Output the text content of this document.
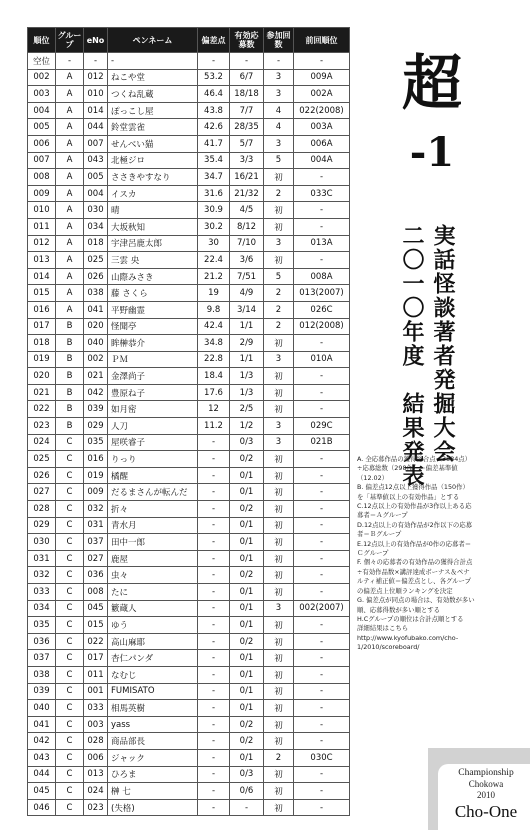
順位	グループ	eNo	ペンネーム	偏差点	有効応募数	参加回数	前回順位
空位	-	-	-	-	-	-	-
002	A	012	ねこや堂	53.2	6/7	3	009A
003	A	010	つくね乱蔵	46.4	18/18	3	002A
004	A	014	ぽっこし屋	43.8	7/7	4	022(2008)
005	A	044	鈴堂雲雀	42.6	28/35	4	003A
006	A	007	せんべい猫	41.7	5/7	3	006A
007	A	043	北極ジロ	35.4	3/3	5	004A
008	A	005	ささきやすなり	34.7	16/21	初	-
009	A	004	イスカ	31.6	21/32	2	033C
010	A	030	晴	30.9	4/5	初	-
011	A	034	大坂秋知	30.2	8/12	初	-
012	A	018	宇津呂鹿太郎	30	7/10	3	013A
013	A	025	三雲 央	22.4	3/6	初	-
014	A	026	山際みさき	21.2	7/51	5	008A
015	A	038	藤 さくら	19	4/9	2	013(2007)
016	A	041	平野幽霊	9.8	3/14	2	026C
017	B	020	怪聞亭	42.4	1/1	2	012(2008)
018	B	040	眸榊恭介	34.8	2/9	初	-
019	B	002	ＰＭ	22.8	1/1	3	010A
020	B	021	金澤尚子	18.4	1/3	初	-
021	B	042	豊原ね子	17.6	1/3	初	-
022	B	039	如月密	12	2/5	初	-
023	B	029	人刀	11.2	1/2	3	029C
024	C	035	屋咲睿子	-	0/3	3	021B
025	C	016	りっり	-	0/2	初	-
026	C	019	橘醒	-	0/1	初	-
027	C	009	だるまさんが転んだ	-	0/1	初	-
028	C	032	折々	-	0/2	初	-
029	C	031	青水月	-	0/1	初	-
030	C	037	田中一郎	-	0/1	初	-
031	C	027	鹿屋	-	0/1	初	-
032	C	036	虫々	-	0/2	初	-
033	C	008	たに	-	0/1	初	-
034	C	045	籔蔵人	-	0/1	3	002(2007)
035	C	015	ゆう	-	0/1	初	-
036	C	022	高山麻耶	-	0/2	初	-
037	C	017	杏仁パンダ	-	0/1	初	-
038	C	011	なむじ	-	0/1	初	-
039	C	001	FUMISATO	-	0/1	初	-
040	C	033	相馬英樹	-	0/1	初	-
041	C	003	yass	-	0/2	初	-
042	C	028	商品部長	-	0/2	初	-
043	C	006	ジャック	-	0/1	2	030C
044	C	013	ひろま	-	0/3	初	-
045	C	024	榊 七	-	0/6	初	-
046	C	023	(失格)	-	-	初	-
超
-1
実話怪談著者発掘大会
二〇一〇年度　結果発表

A. 全応募作品の獲得総合点（3584点）÷応募総数（298作）＝偏差基準値（12.02）

B. 偏差点12点以上獲得作品（150作）を「基準値以上の有効作品」とする

C.12点以上の有効作品が3作以上ある応募者＝Ａグループ

D.12点以上の有効作品が2作以下の応募者＝Ｂグループ

E.12点以上の有効作品が0作の応募者＝Ｃグループ

F. 個々の応募者の有効作品の獲得合計点÷有効作品数×講評達成ボーナス＆ペナルティ補正値＝偏差点とし、各グループの偏差点上位順ランキングを決定

G. 偏差点が同点の場合は、有効数が多い順、応募得数が多い順とする

H.Cグループの順位は合計点順とする

詳細結果はこちら

http://www.kyofubako.com/cho-1/2010/scoreboard/

Championship
Chokowa
2010
Cho-One
